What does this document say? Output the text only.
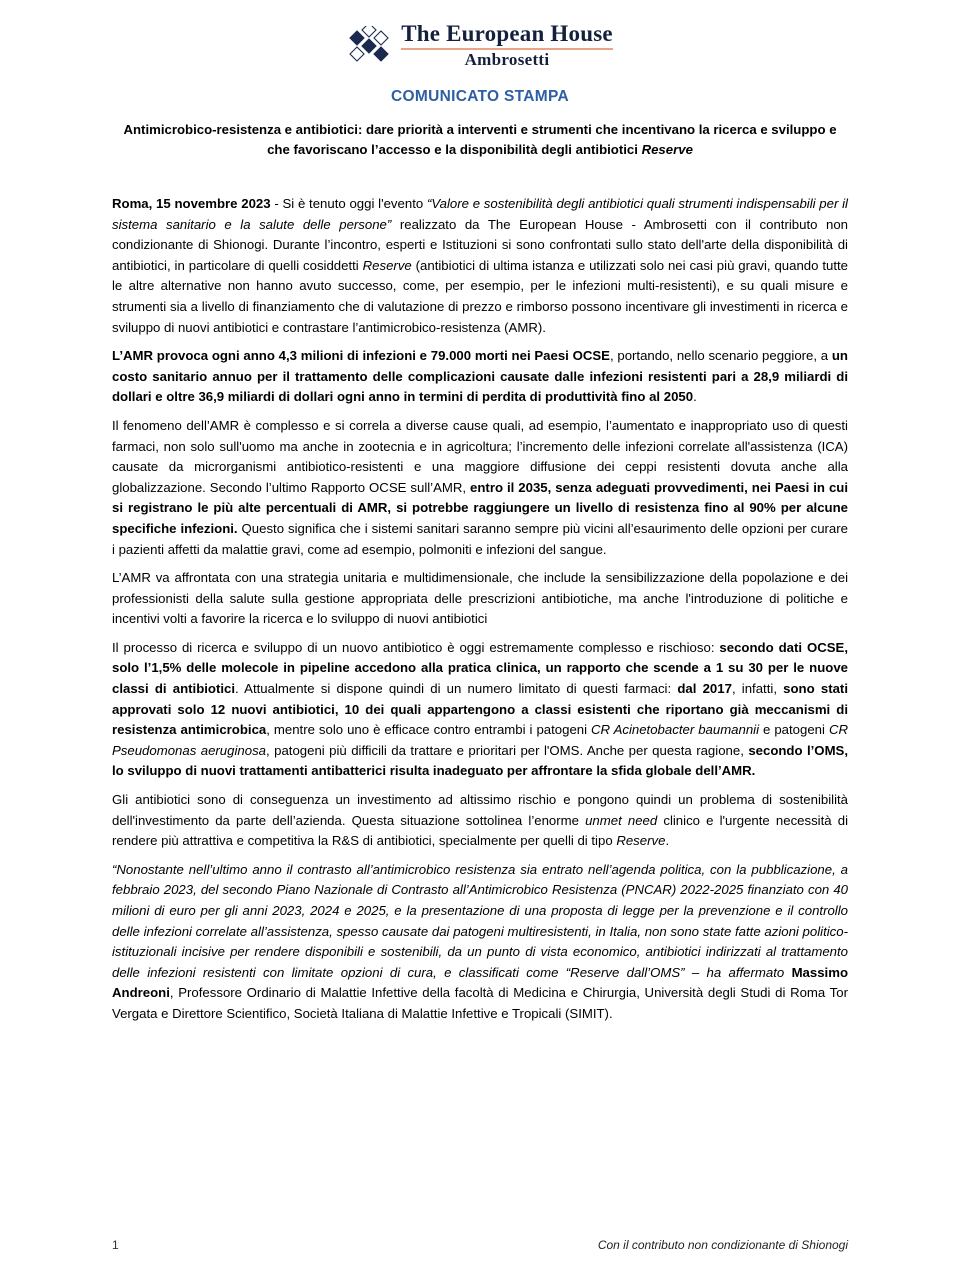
The European House
Ambrosetti
COMUNICATO STAMPA
Antimicrobico-resistenza e antibiotici: dare priorità a interventi e strumenti che incentivano la ricerca e sviluppo e che favoriscano l’accesso e la disponibilità degli antibiotici Reserve

Roma, 15 novembre 2023 - Si è tenuto oggi l'evento “Valore e sostenibilità degli antibiotici quali strumenti indispensabili per il sistema sanitario e la salute delle persone” realizzato da The European House - Ambrosetti con il contributo non condizionante di Shionogi. Durante l’incontro, esperti e Istituzioni si sono confrontati sullo stato dell'arte della disponibilità di antibiotici, in particolare di quelli cosiddetti Reserve (antibiotici di ultima istanza e utilizzati solo nei casi più gravi, quando tutte le altre alternative non hanno avuto successo, come, per esempio, per le infezioni multi-resistenti), e su quali misure e strumenti sia a livello di finanziamento che di valutazione di prezzo e rimborso possono incentivare gli investimenti in ricerca e sviluppo di nuovi antibiotici e contrastare l’antimicrobico-resistenza (AMR).

L’AMR provoca ogni anno 4,3 milioni di infezioni e 79.000 morti nei Paesi OCSE, portando, nello scenario peggiore, a un costo sanitario annuo per il trattamento delle complicazioni causate dalle infezioni resistenti pari a 28,9 miliardi di dollari e oltre 36,9 miliardi di dollari ogni anno in termini di perdita di produttività fino al 2050.

Il fenomeno dell’AMR è complesso e si correla a diverse cause quali, ad esempio, l’aumentato e inappropriato uso di questi farmaci, non solo sull'uomo ma anche in zootecnia e in agricoltura; l’incremento delle infezioni correlate all'assistenza (ICA) causate da microrganismi antibiotico-resistenti e una maggiore diffusione dei ceppi resistenti dovuta anche alla globalizzazione. Secondo l’ultimo Rapporto OCSE sull’AMR, entro il 2035, senza adeguati provvedimenti, nei Paesi in cui si registrano le più alte percentuali di AMR, si potrebbe raggiungere un livello di resistenza fino al 90% per alcune specifiche infezioni. Questo significa che i sistemi sanitari saranno sempre più vicini all’esaurimento delle opzioni per curare i pazienti affetti da malattie gravi, come ad esempio, polmoniti e infezioni del sangue.

L’AMR va affrontata con una strategia unitaria e multidimensionale, che include la sensibilizzazione della popolazione e dei professionisti della salute sulla gestione appropriata delle prescrizioni antibiotiche, ma anche l'introduzione di politiche e incentivi volti a favorire la ricerca e lo sviluppo di nuovi antibiotici

Il processo di ricerca e sviluppo di un nuovo antibiotico è oggi estremamente complesso e rischioso: secondo dati OCSE, solo l’1,5% delle molecole in pipeline accedono alla pratica clinica, un rapporto che scende a 1 su 30 per le nuove classi di antibiotici. Attualmente si dispone quindi di un numero limitato di questi farmaci: dal 2017, infatti, sono stati approvati solo 12 nuovi antibiotici, 10 dei quali appartengono a classi esistenti che riportano già meccanismi di resistenza antimicrobica, mentre solo uno è efficace contro entrambi i patogeni CR Acinetobacter baumannii e patogeni CR Pseudomonas aeruginosa, patogeni più difficili da trattare e prioritari per l'OMS. Anche per questa ragione, secondo l’OMS, lo sviluppo di nuovi trattamenti antibatterici risulta inadeguato per affrontare la sfida globale dell’AMR.

Gli antibiotici sono di conseguenza un investimento ad altissimo rischio e pongono quindi un problema di sostenibilità dell'investimento da parte dell’azienda. Questa situazione sottolinea l’enorme unmet need clinico e l'urgente necessità di rendere più attrattiva e competitiva la R&S di antibiotici, specialmente per quelli di tipo Reserve.

“Nonostante nell’ultimo anno il contrasto all’antimicrobico resistenza sia entrato nell’agenda politica, con la pubblicazione, a febbraio 2023, del secondo Piano Nazionale di Contrasto all’Antimicrobico Resistenza (PNCAR) 2022-2025 finanziato con 40 milioni di euro per gli anni 2023, 2024 e 2025, e la presentazione di una proposta di legge per la prevenzione e il controllo delle infezioni correlate all’assistenza, spesso causate dai patogeni multiresistenti, in Italia, non sono state fatte azioni politico-istituzionali incisive per rendere disponibili e sostenibili, da un punto di vista economico, antibiotici indirizzati al trattamento delle infezioni resistenti con limitate opzioni di cura, e classificati come “Reserve dall’OMS” – ha affermato Massimo Andreoni, Professore Ordinario di Malattie Infettive della facoltà di Medicina e Chirurgia, Università degli Studi di Roma Tor Vergata e Direttore Scientifico, Società Italiana di Malattie Infettive e Tropicali (SIMIT).

1	Con il contributo non condizionante di Shionogi
